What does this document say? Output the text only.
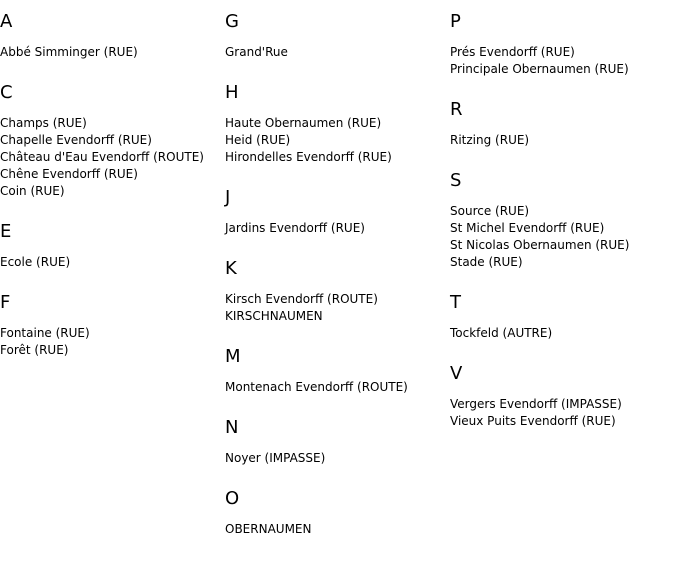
A
Abbé Simminger (RUE)
C
Champs (RUE)
Chapelle Evendorff (RUE)
Château d'Eau Evendorff (ROUTE)
Chêne Evendorff (RUE)
Coin (RUE)
E
Ecole (RUE)
F
Fontaine (RUE)
Forêt (RUE)
G
Grand'Rue
H
Haute Obernaumen (RUE)
Heid (RUE)
Hirondelles Evendorff (RUE)
J
Jardins Evendorff (RUE)
K
Kirsch Evendorff (ROUTE)
KIRSCHNAUMEN
M
Montenach Evendorff (ROUTE)
N
Noyer (IMPASSE)
O
OBERNAUMEN
P
Prés Evendorff (RUE)
Principale Obernaumen (RUE)
R
Ritzing (RUE)
S
Source (RUE)
St Michel Evendorff (RUE)
St Nicolas Obernaumen (RUE)
Stade (RUE)
T
Tockfeld (AUTRE)
V
Vergers Evendorff (IMPASSE)
Vieux Puits Evendorff (RUE)
